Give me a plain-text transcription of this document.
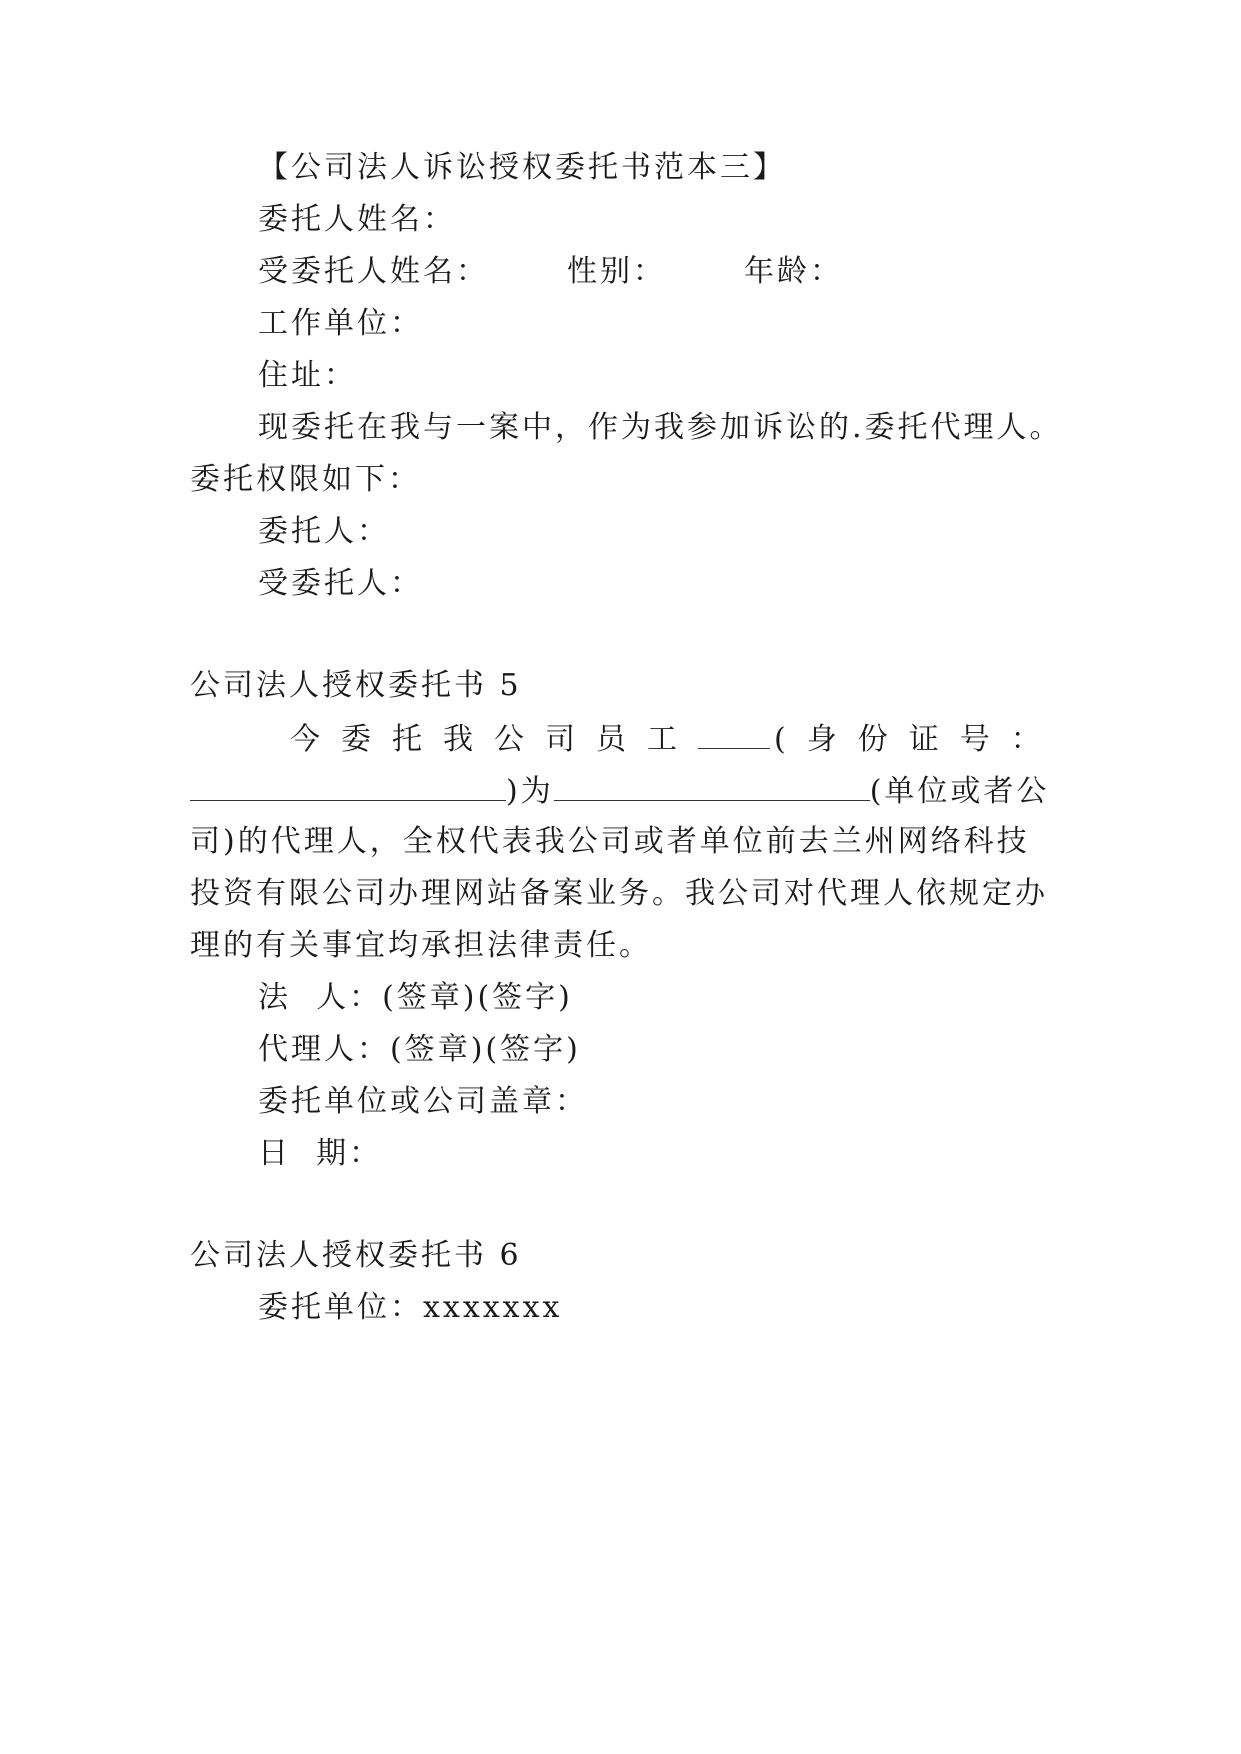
【公司法人诉讼授权委托书范本三】
委托人姓名：
受委托人姓名：	性别：	年龄：
工作单位：
住址：
现委托在我与一案中，作为我参加诉讼的.委托代理人。
委托权限如下：
委托人：
受委托人：
公司法人授权委托书 5
今委托我公司员工	(身份证号：
)为	(单位或者公
司)的代理人，全权代表我公司或者单位前去兰州网络科技
投资有限公司办理网站备案业务。我公司对代理人依规定办
理的有关事宜均承担法律责任。
法  人：(签章)(签字)
代理人：(签章)(签字)
委托单位或公司盖章：
日  期：
公司法人授权委托书 6
委托单位：xxxxxxx
